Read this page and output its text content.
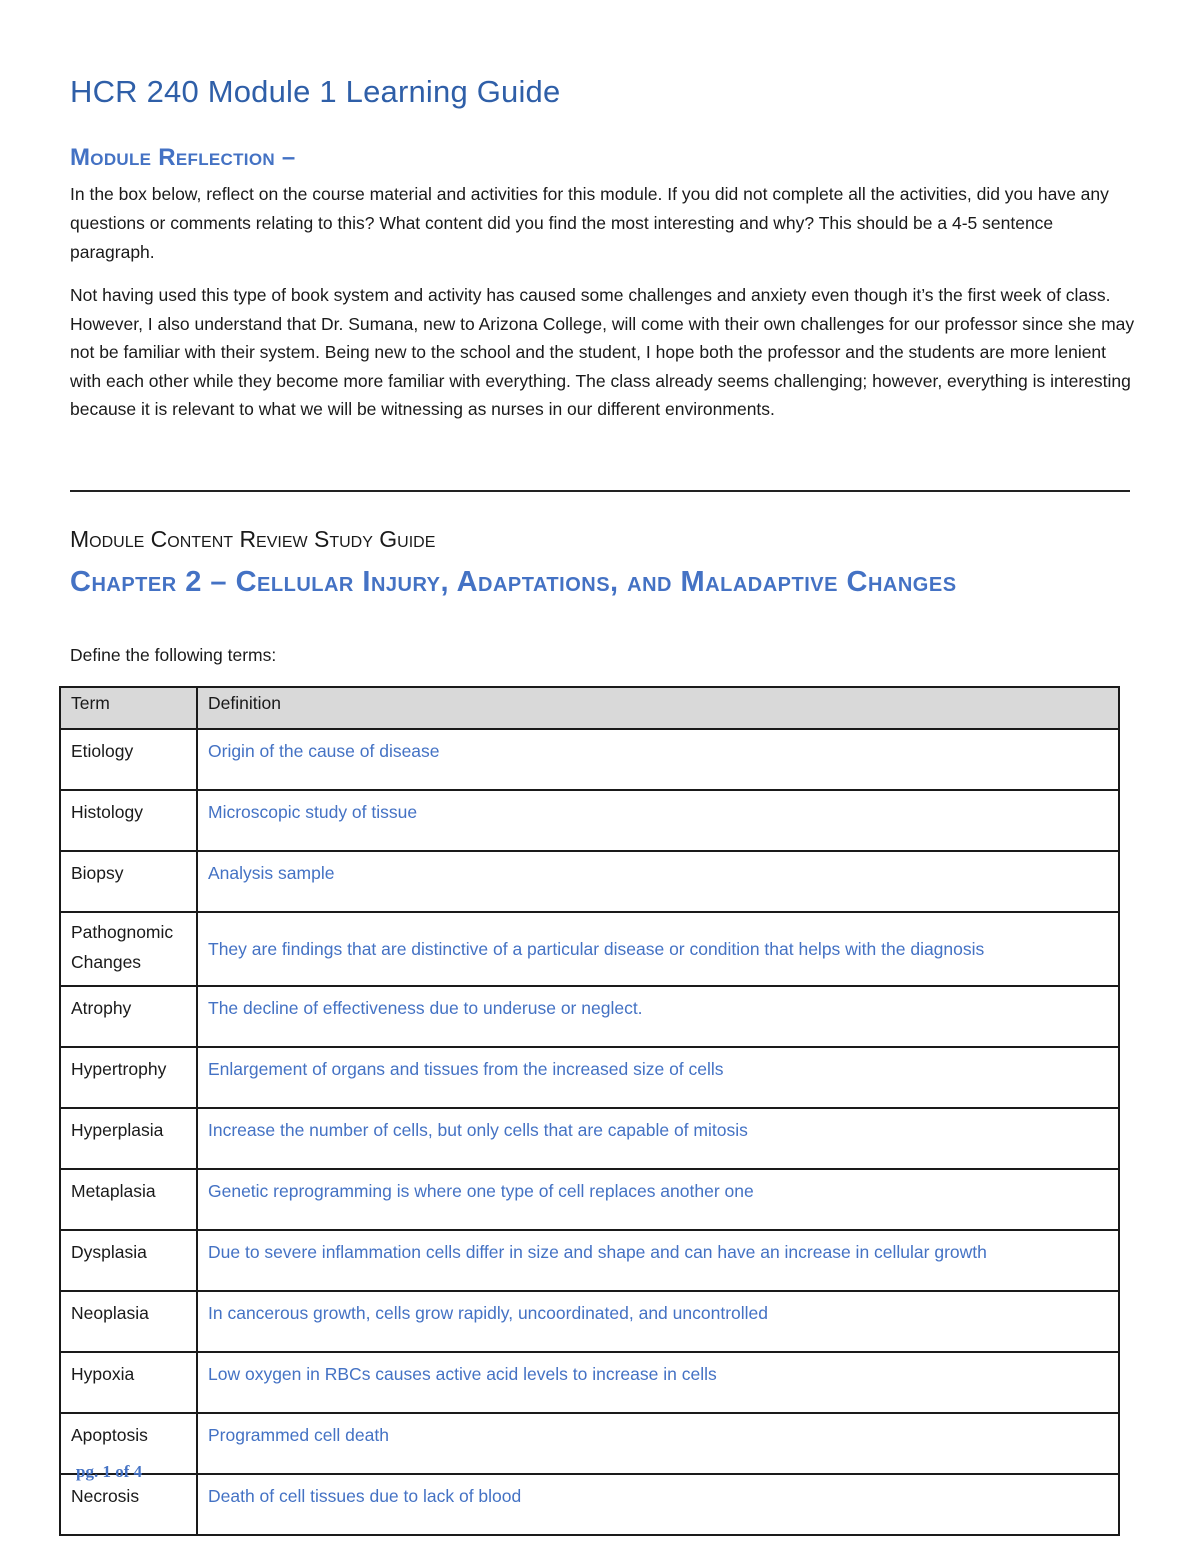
HCR 240 Module 1 Learning Guide
Module Reflection –

In the box below, reflect on the course material and activities for this module. If you did not complete all the activities, did you have any questions or comments relating to this? What content did you find the most interesting and why? This should be a 4-5 sentence paragraph.

Not having used this type of book system and activity has caused some challenges and anxiety even though it’s the first week of class. However, I also understand that Dr. Sumana, new to Arizona College, will come with their own challenges for our professor since she may not be familiar with their system. Being new to the school and the student, I hope both the professor and the students are more lenient with each other while they become more familiar with everything. The class already seems challenging; however, everything is interesting because it is relevant to what we will be witnessing as nurses in our different environments.

Module Content Review Study Guide
Chapter 2 – Cellular Injury, Adaptations, and Maladaptive Changes

Define the following terms:

Term	Definition
Etiology	Origin of the cause of disease
Histology	Microscopic study of tissue
Biopsy	Analysis sample
Pathognomic Changes	They are findings that are distinctive of a particular disease or condition that helps with the diagnosis
Atrophy	The decline of effectiveness due to underuse or neglect.
Hypertrophy	Enlargement of organs and tissues from the increased size of cells
Hyperplasia	Increase the number of cells, but only cells that are capable of mitosis
Metaplasia	Genetic reprogramming is where one type of cell replaces another one
Dysplasia	Due to severe inflammation cells differ in size and shape and can have an increase in cellular growth
Neoplasia	In cancerous growth, cells grow rapidly, uncoordinated, and uncontrolled
Hypoxia	Low oxygen in RBCs causes active acid levels to increase in cells
Apoptosis	Programmed cell death
Necrosis	Death of cell tissues due to lack of blood

pg. 1 of 4
